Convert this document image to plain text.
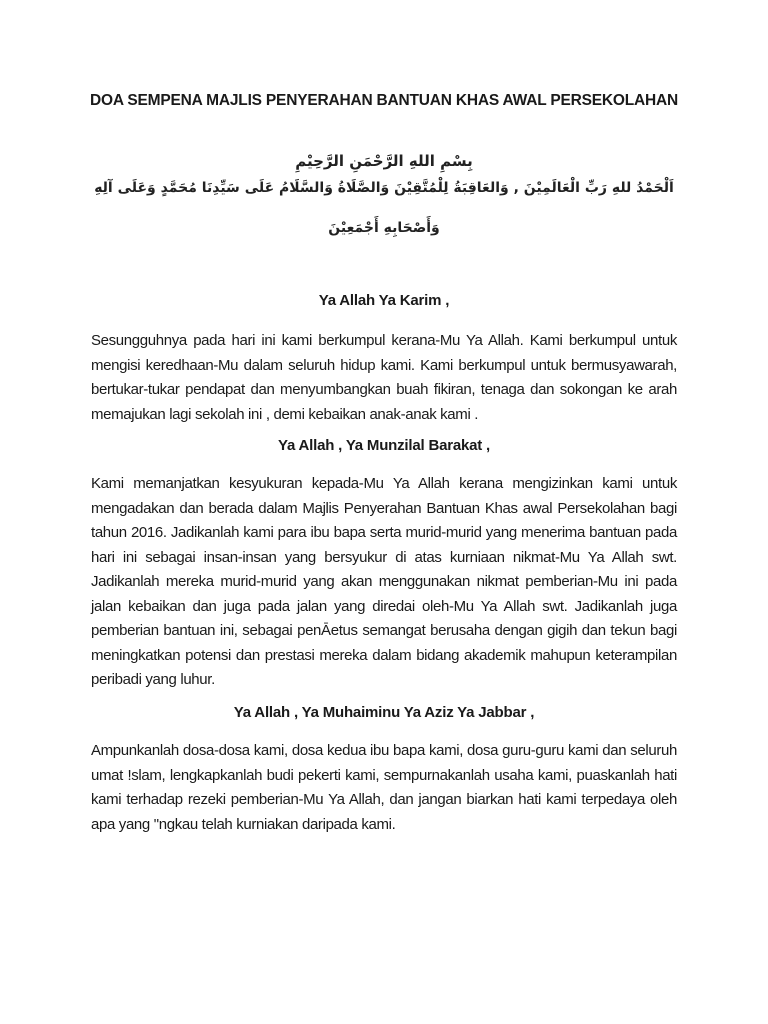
DOA SEMPENA MAJLIS PENYERAHAN BANTUAN KHAS AWAL PERSEKOLAHAN
بِسْمِ اللهِ الرَّحْمَنِ الرَّحِيْمِ
اَلْحَمْدُ للهِ رَبِّ الْعَالَمِيْنَ , وَالعَاقِبَةُ لِلْمُتَّقِيْنَ وَالصَّلَاةُ وَالسَّلَامُ عَلَى سَيِّدِنَا مُحَمَّدٍ وَعَلَى آلِهِ
وَأَصْحَابِهِ أَجْمَعِيْنَ
Ya Allah Ya Karim ,
Sesungguhnya pada hari ini kami berkumpul kerana-Mu Ya Allah. Kami berkumpul untuk mengisi keredhaan-Mu dalam seluruh hidup kami. Kami berkumpul untuk bermusyawarah, bertukar-tukar pendapat dan menyumbangkan buah fikiran, tenaga dan sokongan ke arah memajukan lagi sekolah ini , demi kebaikan anak-anak kami .
Ya Allah , Ya Munzilal Barakat ,
Kami memanjatkan kesyukuran kepada-Mu Ya Allah kerana mengizinkan kami untuk mengadakan dan berada dalam Majlis Penyerahan Bantuan Khas awal Persekolahan bagi tahun 2016. Jadikanlah kami para ibu bapa serta murid-murid yang menerima bantuan pada hari ini sebagai insan-insan yang bersyukur di atas kurniaan nikmat-Mu Ya Allah swt. Jadikanlah mereka murid-murid yang akan menggunakan nikmat pemberian-Mu ini pada jalan kebaikan dan juga pada jalan yang diredai oleh-Mu Ya Allah swt. Jadikanlah juga pemberian bantuan ini, sebagai penĀetus semangat berusaha dengan gigih dan tekun bagi meningkatkan potensi dan prestasi mereka dalam bidang akademik mahupun keterampilan peribadi yang luhur.
Ya Allah , Ya Muhaiminu Ya Aziz Ya Jabbar ,
Ampunkanlah dosa-dosa kami, dosa kedua ibu bapa kami, dosa guru-guru kami dan seluruh umat !slam, lengkapkanlah budi pekerti kami, sempurnakanlah usaha kami, puaskanlah hati kami terhadap rezeki pemberian-Mu Ya Allah, dan jangan biarkan hati kami terpedaya oleh apa yang "ngkau telah kurniakan daripada kami.
